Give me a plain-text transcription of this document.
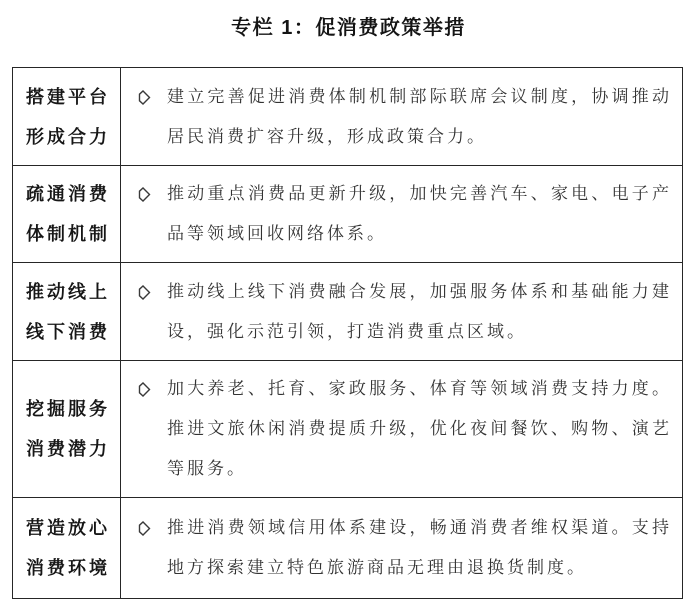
专栏 1：促消费政策举措
搭建平台
形成合力
建立完善促进消费体制机制部际联席会议制度，协调推动居民消费扩容升级，形成政策合力。
疏通消费
体制机制
推动重点消费品更新升级，加快完善汽车、家电、电子产品等领域回收网络体系。
推动线上
线下消费
推动线上线下消费融合发展，加强服务体系和基础能力建设，强化示范引领，打造消费重点区域。
挖掘服务
消费潜力
加大养老、托育、家政服务、体育等领域消费支持力度。推进文旅休闲消费提质升级，优化夜间餐饮、购物、演艺等服务。
营造放心
消费环境
推进消费领域信用体系建设，畅通消费者维权渠道。支持地方探索建立特色旅游商品无理由退换货制度。
